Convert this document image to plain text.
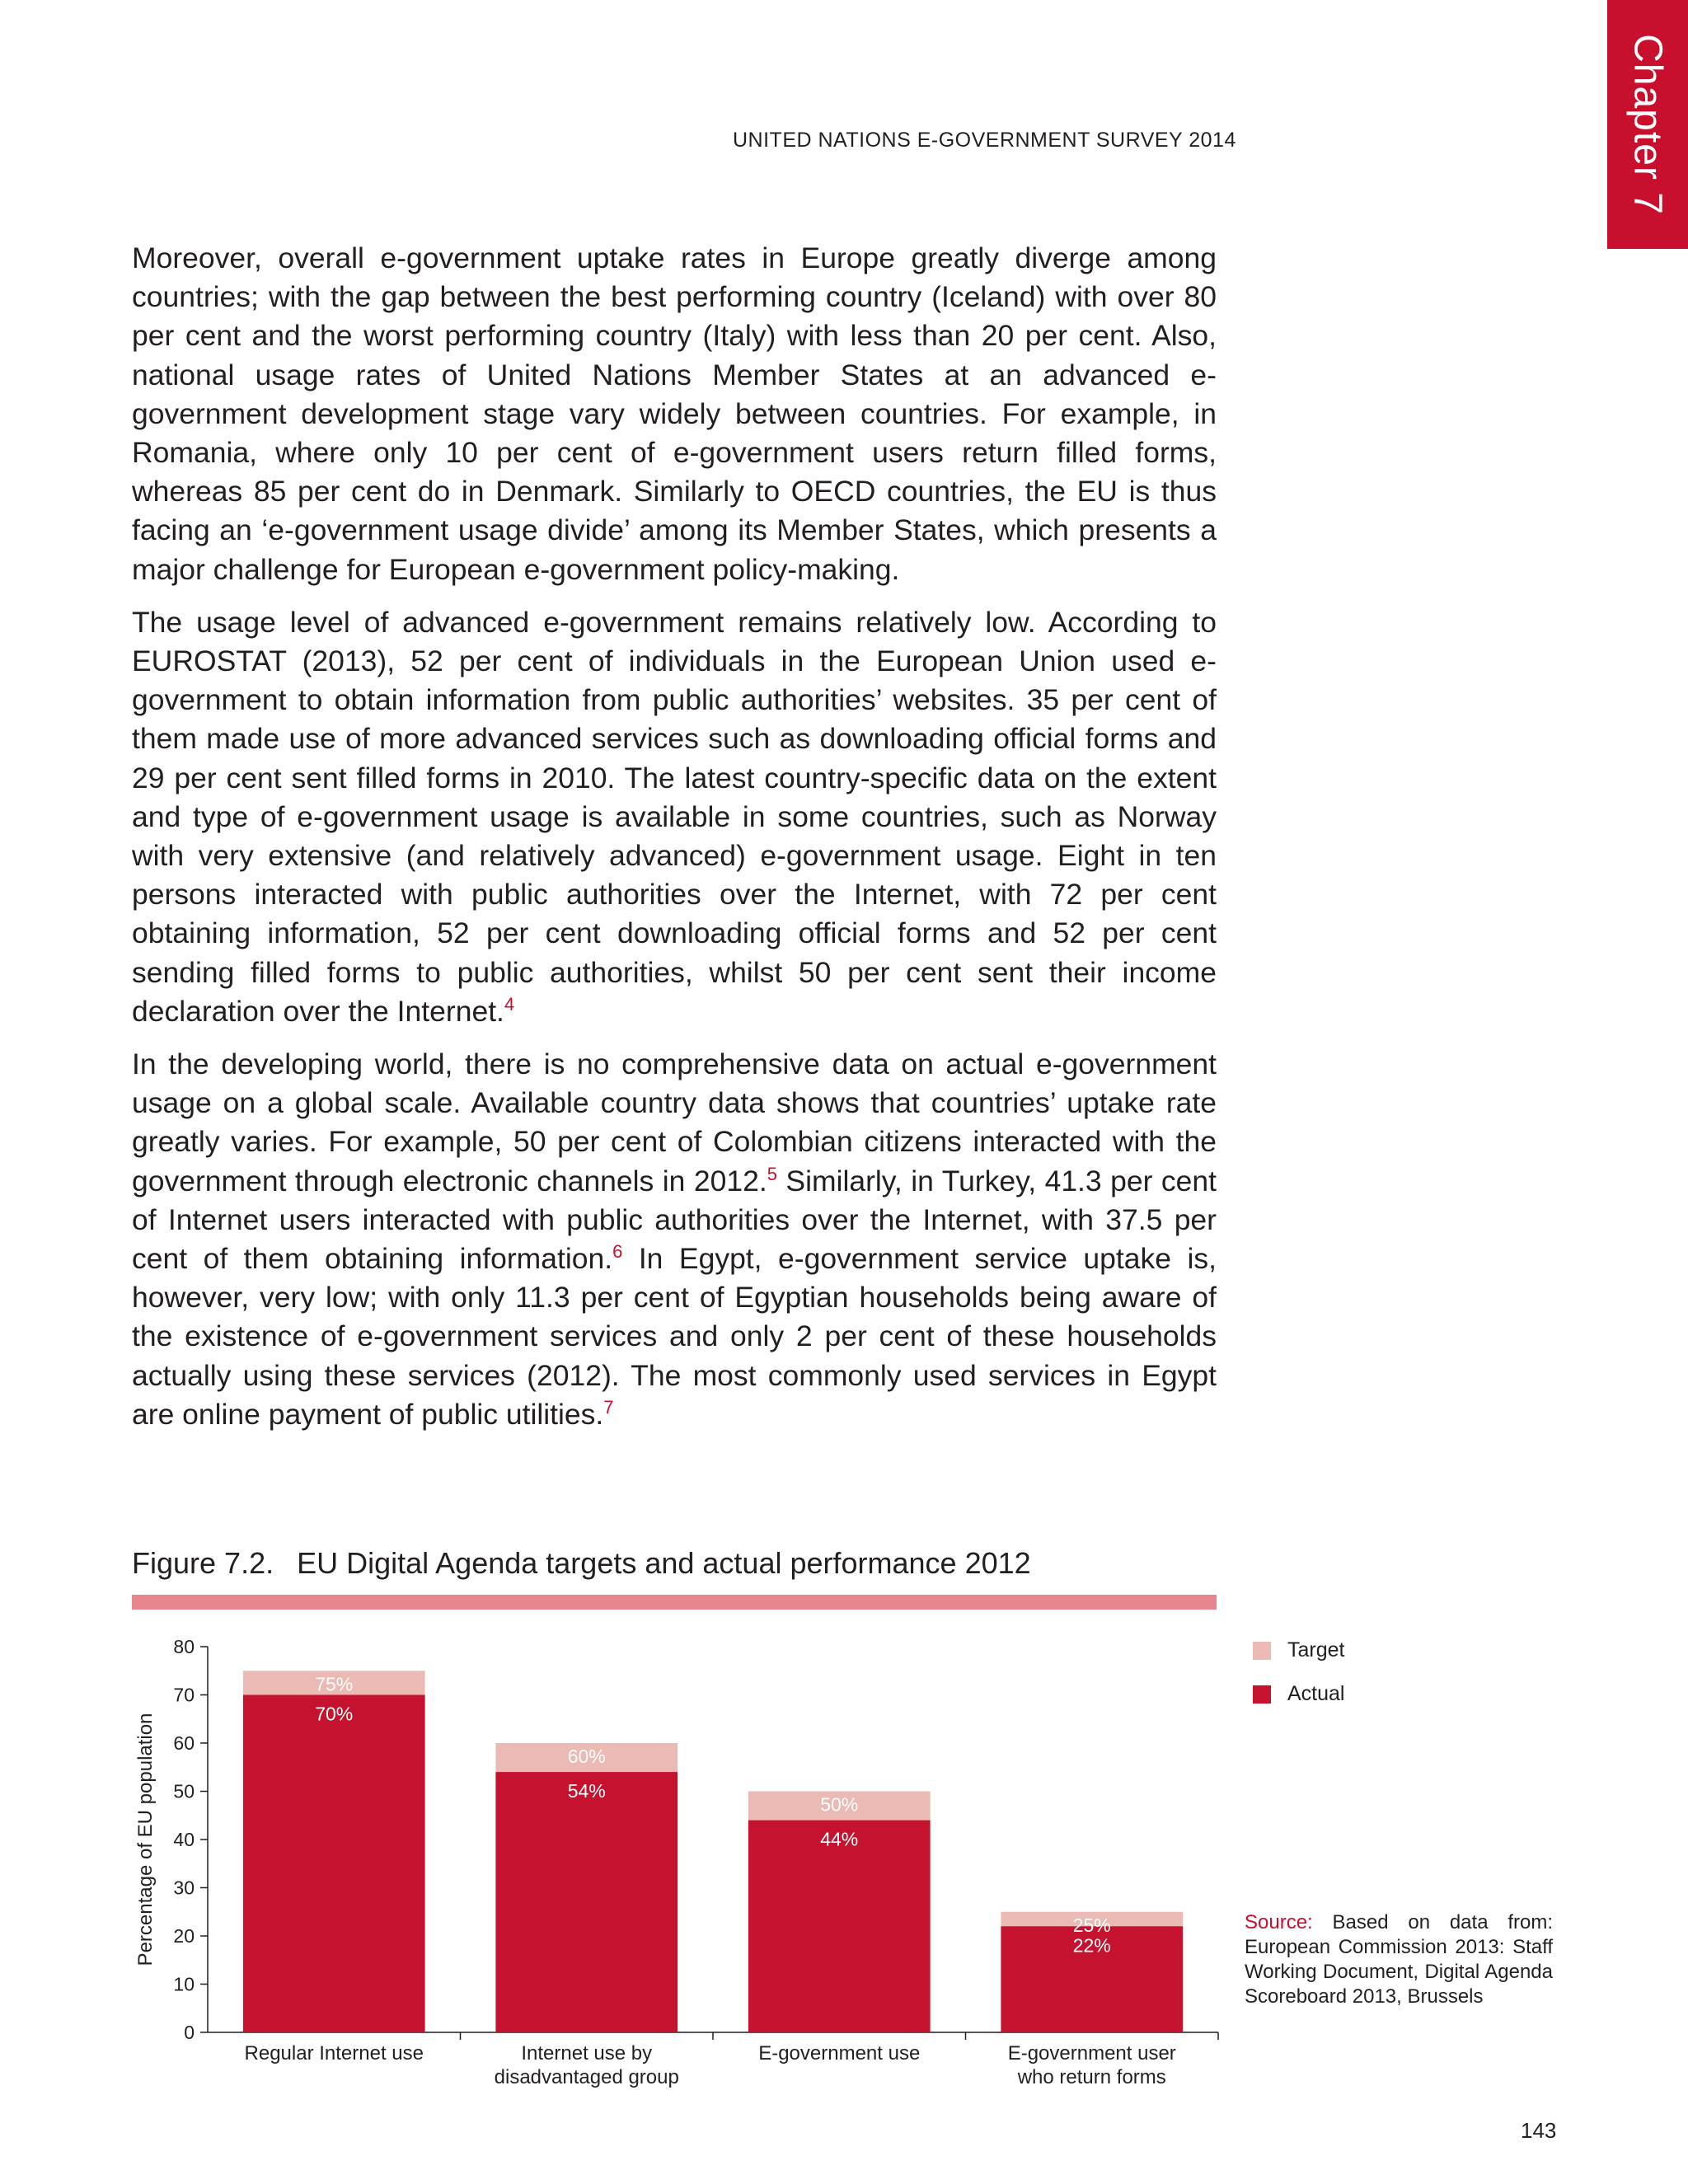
Chapter 7
UNITED NATIONS E-GOVERNMENT SURVEY 2014

Moreover, overall e-government uptake rates in Europe greatly diverge among countries; with the gap between the best performing country (Iceland) with over 80 per cent and the worst performing country (Italy) with less than 20 per cent. Also, national usage rates of United Nations Member States at an advanced e-government development stage vary widely between countries. For example, in Romania, where only 10 per cent of e-government users return filled forms, whereas 85 per cent do in Denmark. Similarly to OECD countries, the EU is thus facing an ‘e-government usage divide’ among its Member States, which presents a major challenge for European e-government policy-making.

The usage level of advanced e-government remains relatively low. According to EUROSTAT (2013), 52 per cent of individuals in the European Union used e-government to obtain information from public authorities’ websites. 35 per cent of them made use of more advanced services such as downloading official forms and 29 per cent sent filled forms in 2010. The latest country-specific data on the extent and type of e-government usage is available in some countries, such as Norway with very extensive (and relatively advanced) e-government usage. Eight in ten persons interacted with public authorities over the Internet, with 72 per cent obtaining information, 52 per cent downloading official forms and 52 per cent sending filled forms to public authorities, whilst 50 per cent sent their income declaration over the Internet.$^4$

In the developing world, there is no comprehensive data on actual e-government usage on a global scale. Available country data shows that countries’ uptake rate greatly varies. For example, 50 per cent of Colombian citizens interacted with the government through electronic channels in 2012.$^5$ Similarly, in Turkey, 41.3 per cent of Internet users interacted with public authorities over the Internet, with 37.5 per cent of them obtaining information.$^6$ In Egypt, e-government service uptake is, however, very low; with only 11.3 per cent of Egyptian households being aware of the existence of e-government services and only 2 per cent of these households actually using these services (2012). The most commonly used services in Egypt are online payment of public utilities.$^7$

Figure 7.2. EU Digital Agenda targets and actual performance 2012
0
10
20
30
40
50
60
70
80
Percentage of EU population
75%
70%
Regular Internet use
60%
54%
Internet use by
disadvantaged group
50%
44%
E-government use
25%
22%
E-government user
who return forms
Target
Actual
Source: Based on data from: European Commission 2013: Staff Working Document, Digital Agenda Scoreboard 2013, Brussels
143
